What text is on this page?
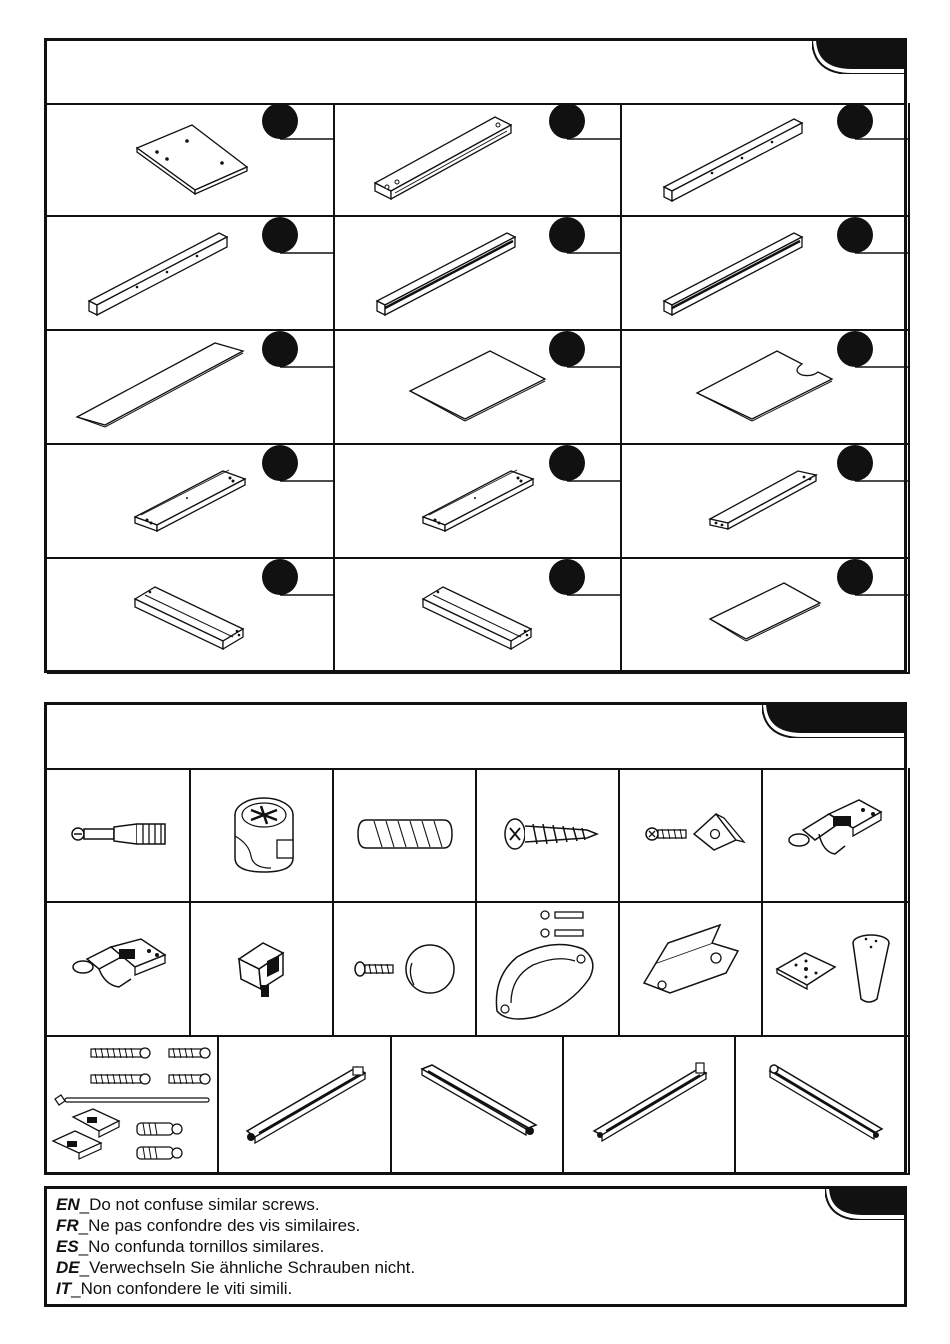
EN_Do not confuse similar screws.
FR_Ne pas confondre des vis similaires.
ES_No confunda tornillos similares.
DE_Verwechseln Sie ähnliche Schrauben nicht.
IT_Non confondere le viti simili.
